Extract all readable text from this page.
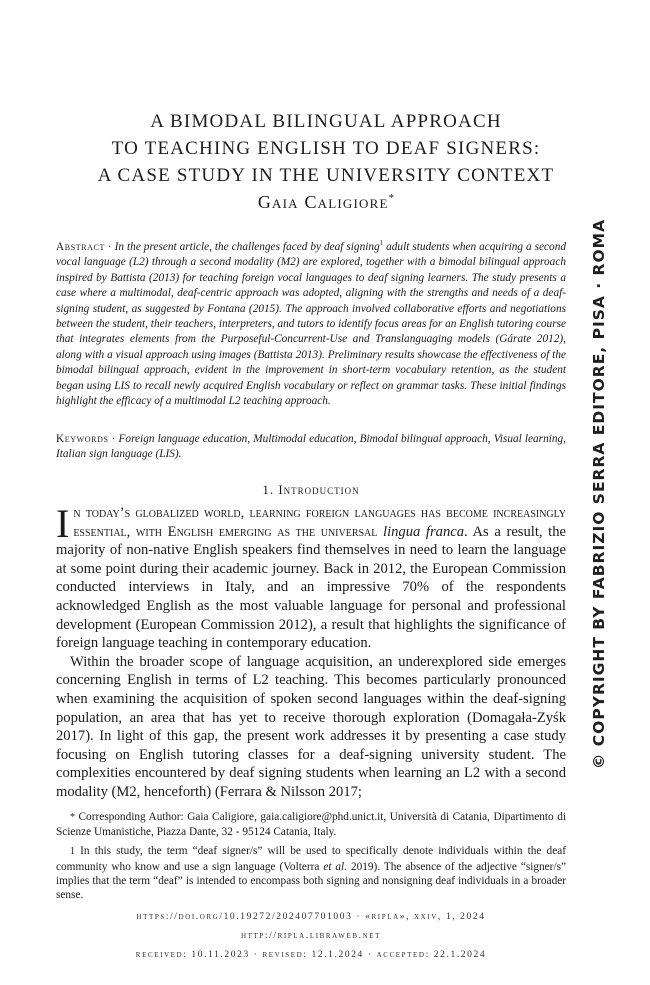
A BIMODAL BILINGUAL APPROACH
TO TEACHING ENGLISH TO DEAF SIGNERS:
A CASE STUDY IN THE UNIVERSITY CONTEXT
Gaia Caligiore*
Abstract · In the present article, the challenges faced by deaf signing$^1$ adult students when acquiring a second vocal language (L2) through a second modality (M2) are explored, together with a bimodal bilingual approach inspired by Battista (2013) for teaching foreign vocal languages to deaf signing learners. The study presents a case where a multimodal, deaf-centric approach was adopted, aligning with the strengths and needs of a deaf-signing student, as suggested by Fontana (2015). The approach involved collaborative efforts and negotiations between the student, their teachers, interpreters, and tutors to identify focus areas for an English tutoring course that integrates elements from the Purposeful-Concurrent-Use and Translanguaging models (Gárate 2012), along with a visual approach using images (Battista 2013). Preliminary results showcase the effectiveness of the bimodal bilingual approach, evident in the improvement in short-term vocabulary retention, as the student began using LIS to recall newly acquired English vocabulary or reflect on grammar tasks. These initial findings highlight the efficacy of a multimodal L2 teaching approach.
Keywords · Foreign language education, Multimodal education, Bimodal bilingual approach, Visual learning, Italian sign language (LIS).
1. Introduction

In today’s globalized world, learning foreign languages has become increasingly essential, with English emerging as the universal lingua franca. As a result, the majority of non-native English speakers find themselves in need to learn the language at some point during their academic journey. Back in 2012, the European Commission conducted interviews in Italy, and an impressive 70% of the respondents acknowledged English as the most valuable language for personal and professional development (European Commission 2012), a result that highlights the significance of foreign language teaching in contemporary education.

Within the broader scope of language acquisition, an underexplored side emerges concerning English in terms of L2 teaching. This becomes particularly pronounced when examining the acquisition of spoken second languages within the deaf-signing population, an area that has yet to receive thorough exploration (Domagała-Zyśk 2017). In light of this gap, the present work addresses it by presenting a case study focusing on English tutoring classes for a deaf-signing university student. The complexities encountered by deaf signing students when learning an L2 with a second modality (M2, henceforth) (Ferrara & Nilsson 2017;

* Corresponding Author: Gaia Caligiore, gaia.caligiore@phd.unict.it, Università di Catania, Dipartimento di Scienze Umanistiche, Piazza Dante, 32 - 95124 Catania, Italy.

1 In this study, the term “deaf signer/s” will be used to specifically denote individuals within the deaf community who know and use a sign language (Volterra et al. 2019). The absence of the adjective “signer/s” implies that the term “deaf” is intended to encompass both signing and nonsigning deaf individuals in a broader sense.

https://doi.org/10.19272/202407701003 · «ripla», xxiv, 1, 2024
http://ripla.libraweb.net
received: 10.11.2023 · revised: 12.1.2024 · accepted: 22.1.2024
© COPYRIGHT BY FABRIZIO SERRA EDITORE, PISA · ROMA
